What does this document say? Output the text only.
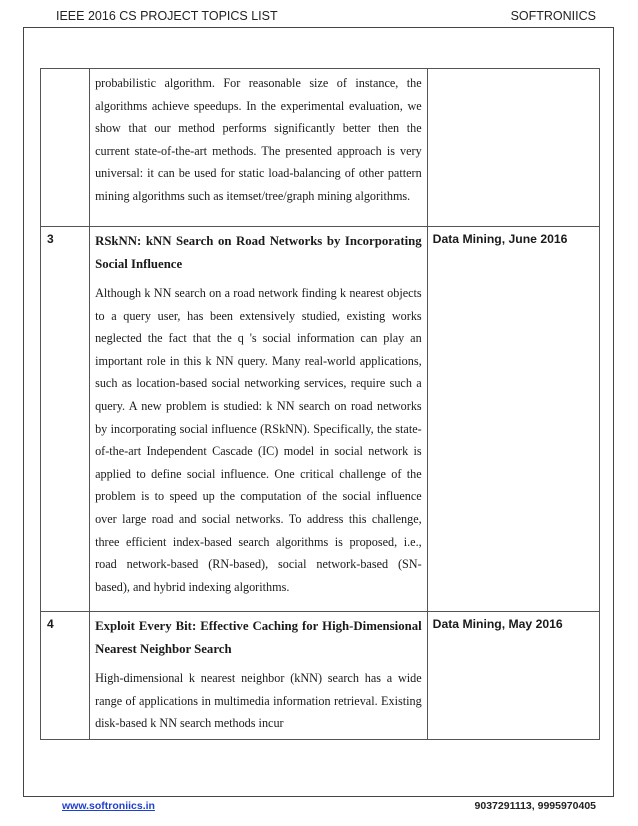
IEEE 2016 CS PROJECT TOPICS LIST	SOFTRONIICS

	probabilistic algorithm. For reasonable size of instance, the algorithms achieve speedups. In the experimental evaluation, we show that our method performs significantly better then the current state-of-the-art methods. The presented approach is very universal: it can be used for static load-balancing of other pattern mining algorithms such as itemset/tree/graph mining algorithms.	

3	RSkNN: kNN Search on Road Networks by Incorporating Social Influence

Although k NN search on a road network finding k nearest objects to a query user, has been extensively studied, existing works neglected the fact that the q 's social information can play an important role in this k NN query. Many real-world applications, such as location-based social networking services, require such a query. A new problem is studied: k NN search on road networks by incorporating social influence (RSkNN). Specifically, the state-of-the-art Independent Cascade (IC) model in social network is applied to define social influence. One critical challenge of the problem is to speed up the computation of the social influence over large road and social networks. To address this challenge, three efficient index-based search algorithms is proposed, i.e., road network-based (RN-based), social network-based (SN-based), and hybrid indexing algorithms.	Data Mining, June 2016
4	Exploit Every Bit: Effective Caching for High-Dimensional Nearest Neighbor Search

High-dimensional k nearest neighbor (kNN) search has a wide range of applications in multimedia information retrieval. Existing disk-based k NN search methods incur	Data Mining, May 2016
www.softroniics.in	9037291113, 9995970405
